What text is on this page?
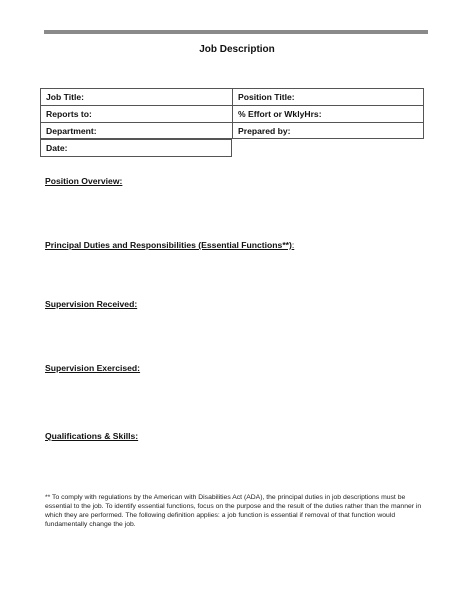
Job Description
Job Title:	Position Title:
Reports to:	% Effort or WklyHrs:
Department:	Prepared by:
Date:
Position Overview:
Principal Duties and Responsibilities (Essential Functions**):
Supervision Received:
Supervision Exercised:
Qualifications & Skills:
** To comply with regulations by the American with Disabilities Act (ADA), the principal duties in job descriptions must be essential to the job. To identify essential functions, focus on the purpose and the result of the duties rather than the manner in which they are performed. The following definition applies: a job function is essential if removal of that function would fundamentally change the job.
